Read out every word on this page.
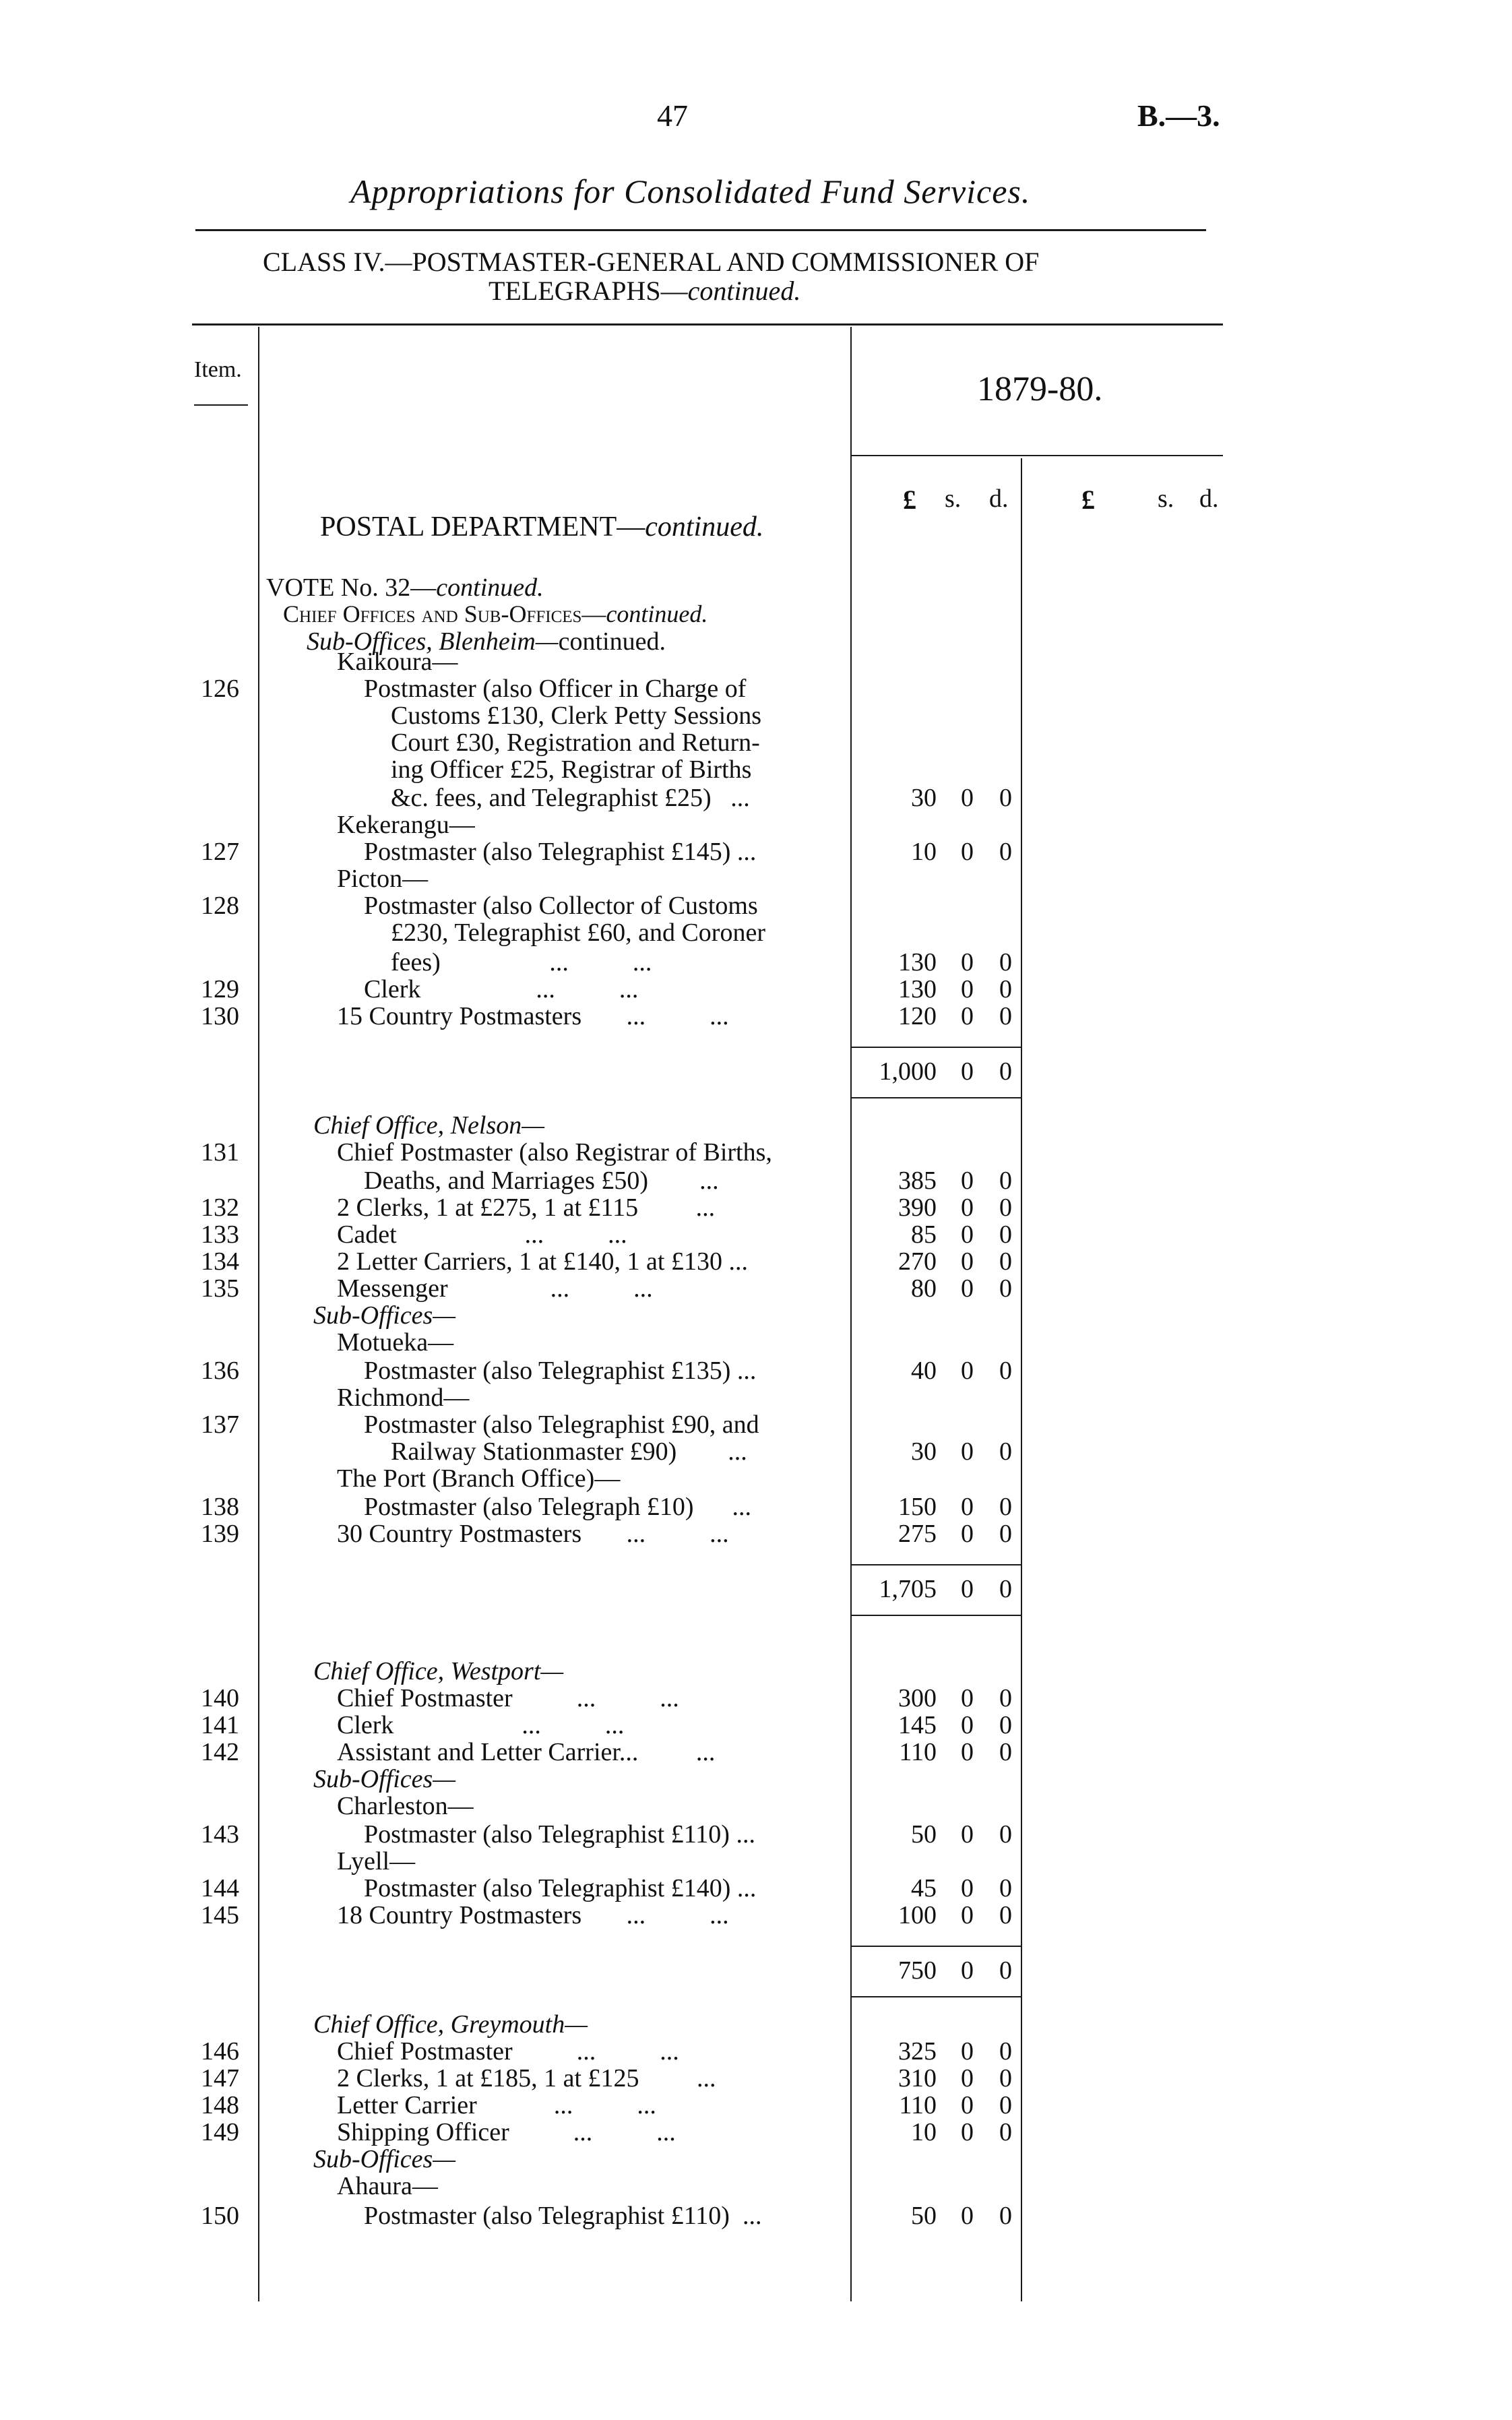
47	B.—3.
Appropriations for Consolidated Fund Services.
CLASS IV.—POSTMASTER-GENERAL AND COMMISSIONER OF
TELEGRAPHS—continued.
Item.
1879-80.
£ s. d.	£ s. d.
POSTAL DEPARTMENT—continued.
VOTE No. 32—continued.
Chief Offices and Sub-Offices—continued.
Sub-Offices, Blenheim—continued.
Kaikoura—
126	Postmaster (also Officer in Charge of
Customs £130, Clerk Petty Sessions
Court £30, Registration and Return-
ing Officer £25, Registrar of Births
&c. fees, and Telegraphist £25)   ...	30 0 0
Kekerangu—
127	Postmaster (also Telegraphist £145) ...	10 0 0
Picton—
128	Postmaster (also Collector of Customs
£230, Telegraphist £60, and Coroner
fees)                 ...          ...	130 0 0
129	Clerk                  ...          ...	130 0 0
130	15 Country Postmasters       ...          ...	120 0 0
1,000 0 0
Chief Office, Nelson—
131	Chief Postmaster (also Registrar of Births,
Deaths, and Marriages £50)        ...	385 0 0
132	2 Clerks, 1 at £275, 1 at £115         ...	390 0 0
133	Cadet                    ...          ...	85 0 0
134	2 Letter Carriers, 1 at £140, 1 at £130 ...	270 0 0
135	Messenger                ...          ...	80 0 0
Sub-Offices—
Motueka—
136	Postmaster (also Telegraphist £135) ...	40 0 0
Richmond—
137	Postmaster (also Telegraphist £90, and
Railway Stationmaster £90)        ...	30 0 0
The Port (Branch Office)—
138	Postmaster (also Telegraph £10)      ...	150 0 0
139	30 Country Postmasters       ...          ...	275 0 0
1,705 0 0
Chief Office, Westport—
140	Chief Postmaster          ...          ...	300 0 0
141	Clerk                    ...          ...	145 0 0
142	Assistant and Letter Carrier...         ...	110 0 0
Sub-Offices—
Charleston—
143	Postmaster (also Telegraphist £110) ...	50 0 0
Lyell—
144	Postmaster (also Telegraphist £140) ...	45 0 0
145	18 Country Postmasters       ...          ...	100 0 0
750 0 0
Chief Office, Greymouth—
146	Chief Postmaster          ...          ...	325 0 0
147	2 Clerks, 1 at £185, 1 at £125         ...	310 0 0
148	Letter Carrier            ...          ...	110 0 0
149	Shipping Officer          ...          ...	10 0 0
Sub-Offices—
Ahaura—
150	Postmaster (also Telegraphist £110)  ...	50 0 0
